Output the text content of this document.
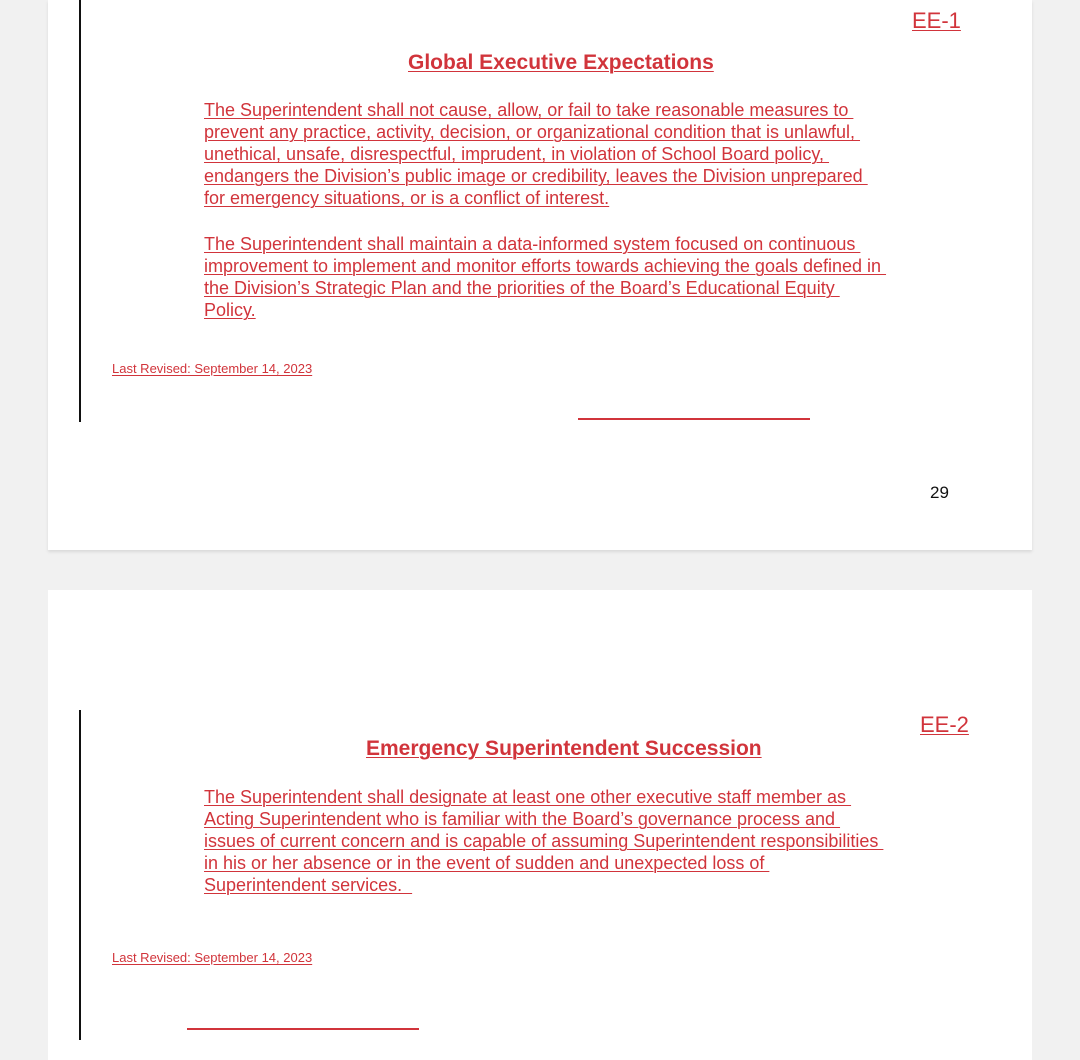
EE-1
Global Executive Expectations

The Superintendent shall not cause, allow, or fail to take reasonable measures to
prevent any practice, activity, decision, or organizational condition that is unlawful,
unethical, unsafe, disrespectful, imprudent, in violation of School Board policy,
endangers the Division’s public image or credibility, leaves the Division unprepared
for emergency situations, or is a conflict of interest.

The Superintendent shall maintain a data-informed system focused on continuous
improvement to implement and monitor efforts towards achieving the goals defined in
the Division’s Strategic Plan and the priorities of the Board’s Educational Equity
Policy.

Last Revised: September 14, 2023
29
EE-2
Emergency Superintendent Succession

The Superintendent shall designate at least one other executive staff member as
Acting Superintendent who is familiar with the Board’s governance process and
issues of current concern and is capable of assuming Superintendent responsibilities
in his or her absence or in the event of sudden and unexpected loss of
Superintendent services.

Last Revised: September 14, 2023
